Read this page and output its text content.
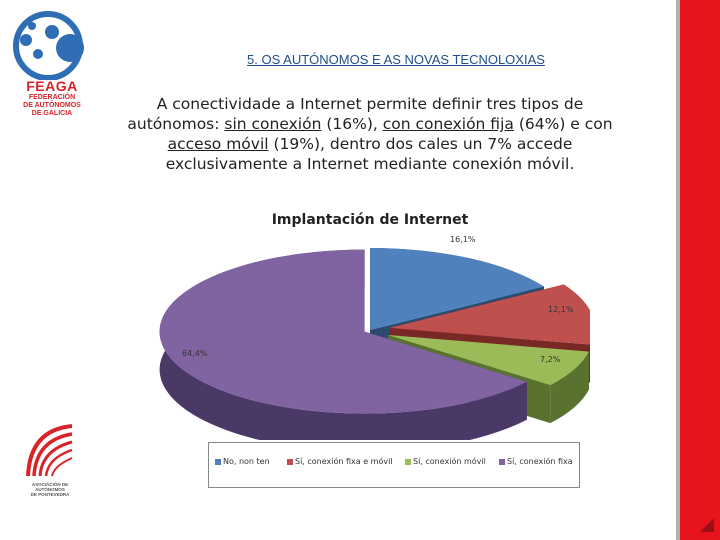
FEAGA
FEDERACIÓN
DE AUTÓNOMOS
DE GALICIA
ASOCIACIÓN DE
AUTÓNOMOS
DE PONTEVEDRA
5. OS AUTÓNOMOS E AS NOVAS TECNOLOXIAS
A conectividade a Internet permite definir tres tipos de autónomos: sin conexión (16%), con conexión fija (64%) e con acceso móvil (19%), dentro dos cales un 7% accede exclusivamente a Internet mediante conexión móvil.
Implantación de Internet
16,1%
12,1%
7,2%
64,4%
No, non ten	Sí, conexión fixa e móvil	Sí, conexión móvil	Sí, conexión fixa
